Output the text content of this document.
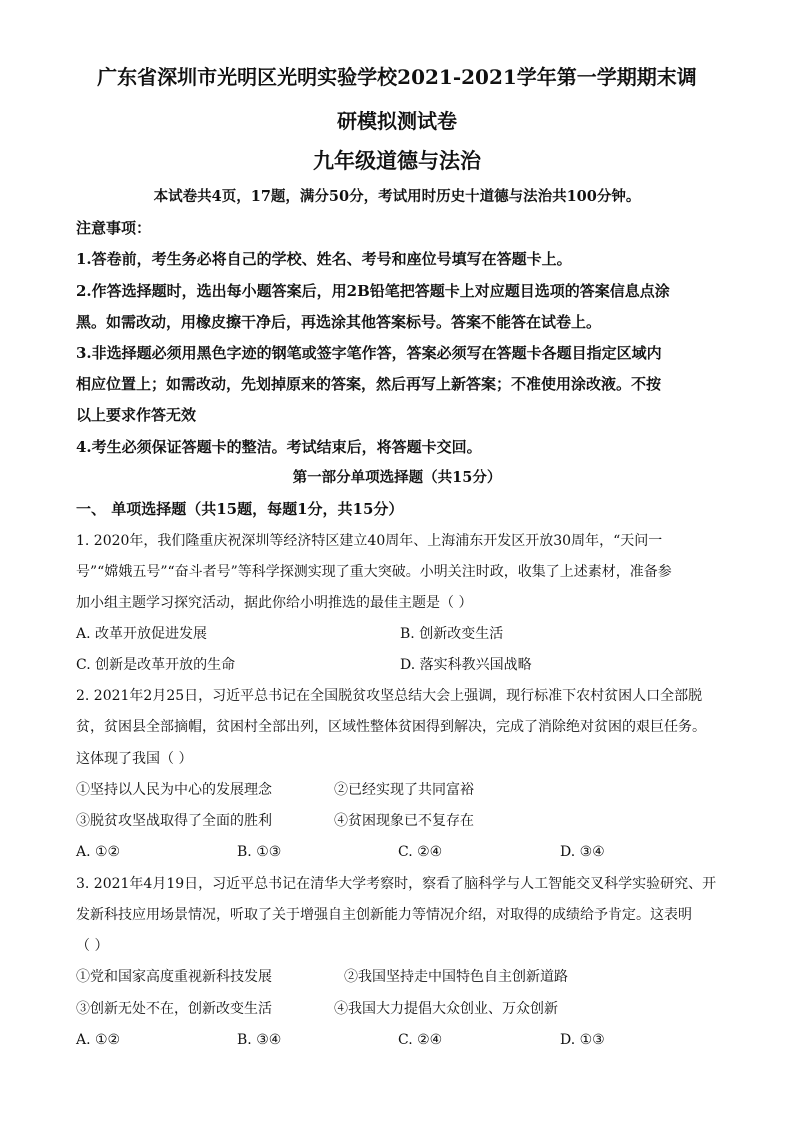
广东省深圳市光明区光明实验学校2021-2021学年第一学期期末调
研模拟测试卷
九年级道德与法治
本试卷共4页，17题，满分50分，考试用时历史十道德与法治共100分钟。
注意事项：
1.答卷前，考生务必将自己的学校、姓名、考号和座位号填写在答题卡上。
2.作答选择题时，选出每小题答案后，用2B铅笔把答题卡上对应题目选项的答案信息点涂
黑。如需改动，用橡皮擦干净后，再选涂其他答案标号。答案不能答在试卷上。
3.非选择题必须用黑色字迹的钢笔或签字笔作答，答案必须写在答题卡各题目指定区域内
相应位置上；如需改动，先划掉原来的答案，然后再写上新答案；不准使用涂改液。不按
以上要求作答无效
4.考生必须保证答题卡的整洁。考试结束后，将答题卡交回。
第一部分单项选择题（共15分）
一、 单项选择题（共15题，每题1分，共15分）
1. 2020年，我们隆重庆祝深圳等经济特区建立40周年、上海浦东开发区开放30周年，“天问一
号”“嫦娥五号”“奋斗者号”等科学探测实现了重大突破。小明关注时政，收集了上述素材，准备参
加小组主题学习探究活动，据此你给小明推选的最佳主题是（ ）
A. 改革开放促进发展	B. 创新改变生活
C. 创新是改革开放的生命	D. 落实科教兴国战略
2. 2021年2月25日，习近平总书记在全国脱贫攻坚总结大会上强调，现行标准下农村贫困人口全部脱
贫，贫困县全部摘帽，贫困村全部出列，区域性整体贫困得到解决，完成了消除绝对贫困的艰巨任务。
这体现了我国（ ）
①坚持以人民为中心的发展理念	②已经实现了共同富裕
③脱贫攻坚战取得了全面的胜利	④贫困现象已不复存在
A. ①②	B. ①③	C. ②④	D. ③④
3. 2021年4月19日，习近平总书记在清华大学考察时，察看了脑科学与人工智能交叉科学实验研究、开
发新科技应用场景情况，听取了关于增强自主创新能力等情况介绍，对取得的成绩给予肯定。这表明
（ ）
①党和国家高度重视新科技发展	②我国坚持走中国特色自主创新道路
③创新无处不在，创新改变生活	④我国大力提倡大众创业、万众创新
A. ①②	B. ③④	C. ②④	D. ①③
